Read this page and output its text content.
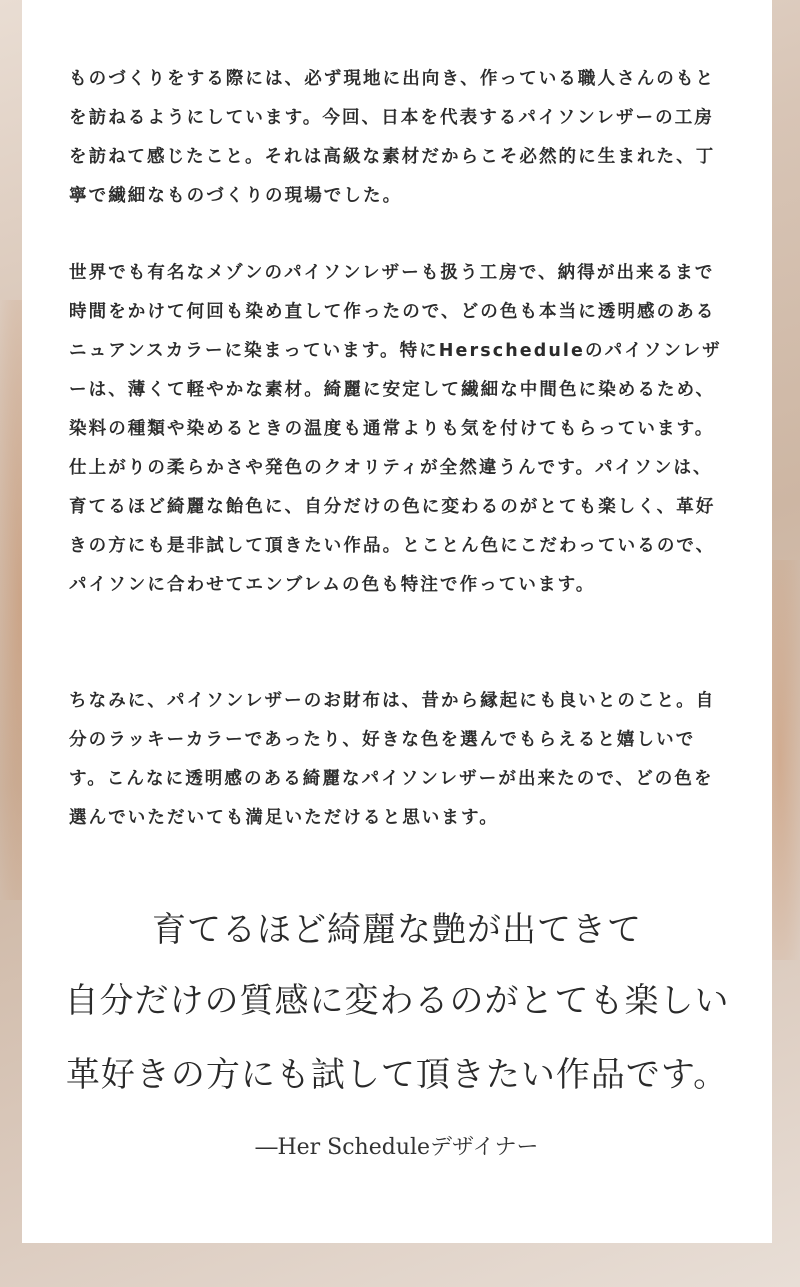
ものづくりをする際には、必ず現地に出向き、作っている職人さんのもとを訪ねるようにしています。今回、日本を代表するパイソンレザーの工房を訪ねて感じたこと。それは高級な素材だからこそ必然的に生まれた、丁寧で繊細なものづくりの現場でした。

世界でも有名なメゾンのパイソンレザーも扱う工房で、納得が出来るまで時間をかけて何回も染め直して作ったので、どの色も本当に透明感のあるニュアンスカラーに染まっています。特にHerscheduleのパイソンレザーは、薄くて軽やかな素材。綺麗に安定して繊細な中間色に染めるため、染料の種類や染めるときの温度も通常よりも気を付けてもらっています。仕上がりの柔らかさや発色のクオリティが全然違うんです。パイソンは、育てるほど綺麗な飴色に、自分だけの色に変わるのがとても楽しく、革好きの方にも是非試して頂きたい作品。とことん色にこだわっているので、パイソンに合わせてエンブレムの色も特注で作っています。

ちなみに、パイソンレザーのお財布は、昔から縁起にも良いとのこと。自分のラッキーカラーであったり、好きな色を選んでもらえると嬉しいです。こんなに透明感のある綺麗なパイソンレザーが出来たので、どの色を選んでいただいても満足いただけると思います。

育てるほど綺麗な艶が出てきて
自分だけの質感に変わるのがとても楽しい
革好きの方にも試して頂きたい作品です。
―Her Scheduleデザイナー
